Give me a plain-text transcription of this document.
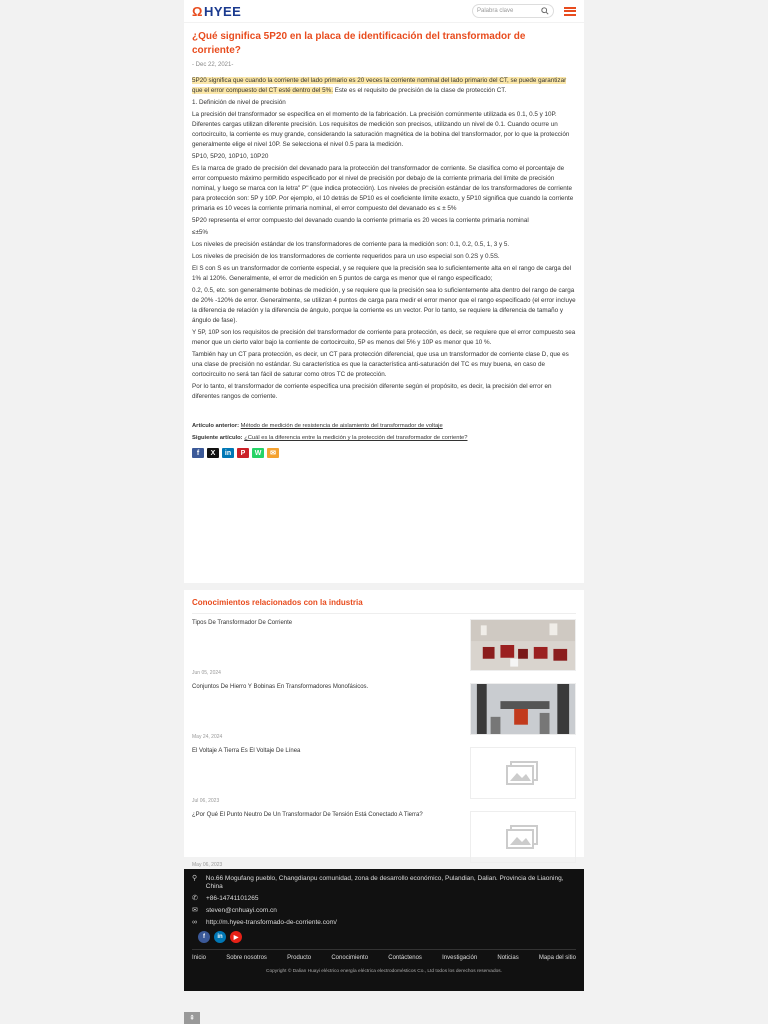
Ω HYEE	Palabra clave
¿Qué significa 5P20 en la placa de identificación del transformador de corriente?
- Dec 22, 2021-

5P20 significa que cuando la corriente del lado primario es 20 veces la corriente nominal del lado primario del CT, se puede garantizar que el error compuesto del CT esté dentro del 5%. Este es el requisito de precisión de la clase de protección CT.

1. Definición de nivel de precisión

La precisión del transformador se especifica en el momento de la fabricación. La precisión comúnmente utilizada es 0.1, 0.5 y 10P. Diferentes cargas utilizan diferente precisión. Los requisitos de medición son precisos, utilizando un nivel de 0.1. Cuando ocurre un cortocircuito, la corriente es muy grande, considerando la saturación magnética de la bobina del transformador, por lo que la protección generalmente elige el nivel 10P. Se selecciona el nivel 0.5 para la medición.

5P10, 5P20, 10P10, 10P20

Es la marca de grado de precisión del devanado para la protección del transformador de corriente. Se clasifica como el porcentaje de error compuesto máximo permitido especificado por el nivel de precisión por debajo de la corriente primaria del límite de precisión nominal, y luego se marca con la letra" P" (que indica protección). Los niveles de precisión estándar de los transformadores de corriente para protección son: 5P y 10P. Por ejemplo, el 10 detrás de 5P10 es el coeficiente límite exacto, y 5P10 significa que cuando la corriente primaria es 10 veces la corriente primaria nominal, el error compuesto del devanado es ≤ ± 5%

5P20 representa el error compuesto del devanado cuando la corriente primaria es 20 veces la corriente primaria nominal

≤±5%

Los niveles de precisión estándar de los transformadores de corriente para la medición son: 0.1, 0.2, 0.5, 1, 3 y 5.

Los niveles de precisión de los transformadores de corriente requeridos para un uso especial son 0.2S y 0.5S.

El S con S es un transformador de corriente especial, y se requiere que la precisión sea lo suficientemente alta en el rango de carga del 1% al 120%. Generalmente, el error de medición en 5 puntos de carga es menor que el rango especificado;

0.2, 0.5, etc. son generalmente bobinas de medición, y se requiere que la precisión sea lo suficientemente alta dentro del rango de carga de 20% -120% de error. Generalmente, se utilizan 4 puntos de carga para medir el error menor que el rango especificado (el error incluye la diferencia de relación y la diferencia de ángulo, porque la corriente es un vector. Por lo tanto, se requiere la diferencia de tamaño y ángulo de fase).

Y 5P, 10P son los requisitos de precisión del transformador de corriente para protección, es decir, se requiere que el error compuesto sea menor que un cierto valor bajo la corriente de cortocircuito, 5P es menos del 5% y 10P es menor que 10 %.

También hay un CT para protección, es decir, un CT para protección diferencial, que usa un transformador de corriente clase D, que es una clase de precisión no estándar. Su característica es que la característica anti-saturación del TC es muy buena, en caso de cortocircuito no será tan fácil de saturar como otros TC de protección.

Por lo tanto, el transformador de corriente especifica una precisión diferente según el propósito, es decir, la precisión del error en diferentes rangos de corriente.

Artículo anterior: Método de medición de resistencia de aislamiento del transformador de voltaje
Siguiente artículo: ¿Cuál es la diferencia entre la medición y la protección del transformador de corriente?
f	X	in	P	W	✉
Conocimientos relacionados con la industria
Tipos De Transformador De Corriente
Jun 05, 2024
Conjuntos De Hierro Y Bobinas En Transformadores Monofásicos.
May 24, 2024
El Voltaje A Tierra Es El Voltaje De Línea
Jul 06, 2023
¿Por Qué El Punto Neutro De Un Transformador De Tensión Está Conectado A Tierra?
May 06, 2023
⚲	No.66 Mogufang pueblo, Changdianpu comunidad, zona de desarrollo económico, Pulandian, Dalian. Provincia de Liaoning, China
✆	+86-14741101265
✉	steven@cnhuayi.com.cn
∞	http://m.hyee-transformado-de-corriente.com/
f	in	▶
Inicio	Sobre nosotros	Producto	Conocimiento	Contáctenos	Investigación	Noticias	Mapa del sitio
Copyright © Dalian Huayi eléctrico energía eléctrica electrodomésticos Co., Ltd todos los derechos reservados.
⇞
